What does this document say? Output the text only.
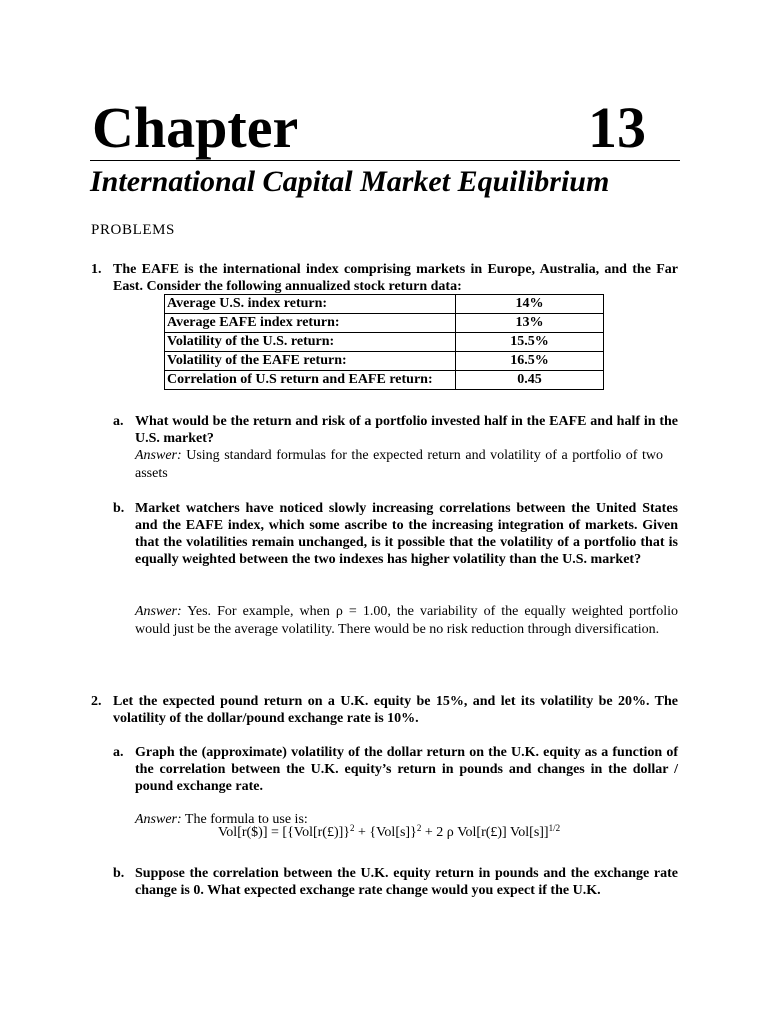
Chapter	13
International Capital Market Equilibrium
PROBLEMS
1. The EAFE is the international index comprising markets in Europe, Australia, and the Far East. Consider the following annualized stock return data:
Average U.S. index return:	14%
Average EAFE index return:	13%
Volatility of the U.S. return:	15.5%
Volatility of the EAFE return:	16.5%
Correlation of U.S return and EAFE return:	0.45
a. What would be the return and risk of a portfolio invested half in the EAFE and half in the U.S. market?
Answer: Using standard formulas for the expected return and volatility of a portfolio of two assets
b. Market watchers have noticed slowly increasing correlations between the United States and the EAFE index, which some ascribe to the increasing integration of markets. Given that the volatilities remain unchanged, is it possible that the volatility of a portfolio that is equally weighted between the two indexes has higher volatility than the U.S. market?
Answer: Yes. For example, when ρ = 1.00, the variability of the equally weighted portfolio would just be the average volatility. There would be no risk reduction through diversification.
2. Let the expected pound return on a U.K. equity be 15%, and let its volatility be 20%. The volatility of the dollar/pound exchange rate is 10%.
a. Graph the (approximate) volatility of the dollar return on the U.K. equity as a function of the correlation between the U.K. equity’s return in pounds and changes in the dollar / pound exchange rate.
Answer: The formula to use is:
Vol[r($)] = [{Vol[r(£)]}$^2$ + $\{Vol[s]\}^2 + 2$ ρ Vol[r(£)] Vol[s]]$^{1/2}$
b. Suppose the correlation between the U.K. equity return in pounds and the exchange rate change is 0. What expected exchange rate change would you expect if the U.K.
